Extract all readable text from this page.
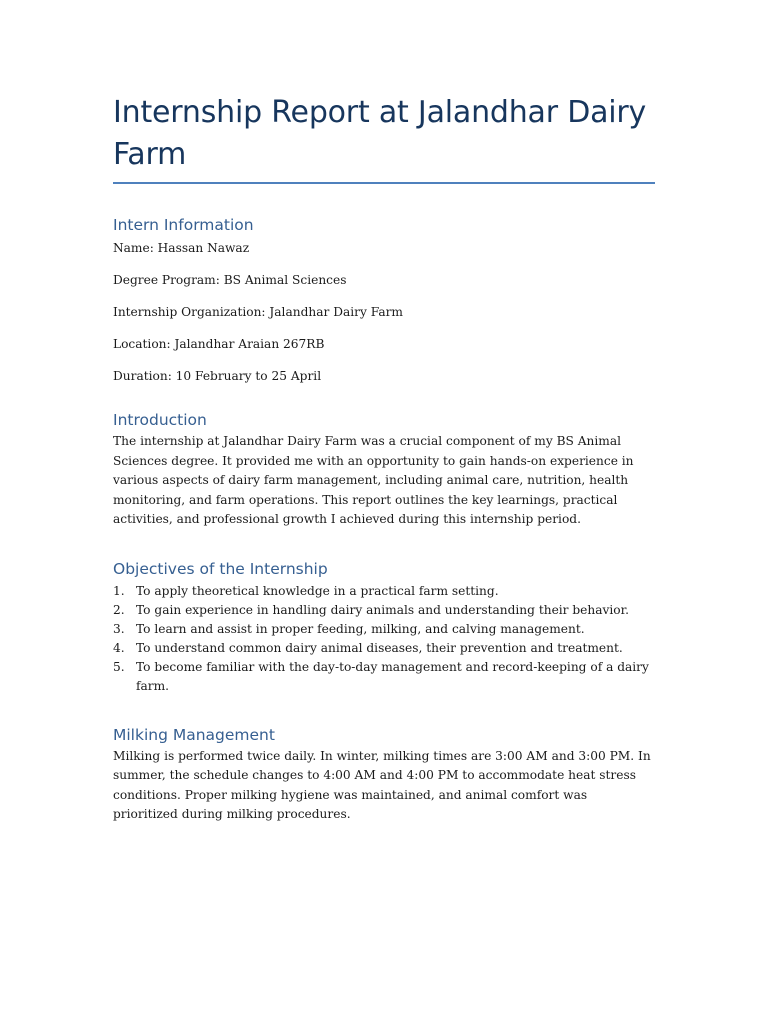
Internship Report at Jalandhar Dairy Farm
Intern Information

Name: Hassan Nawaz

Degree Program: BS Animal Sciences

Internship Organization: Jalandhar Dairy Farm

Location: Jalandhar Araian 267RB

Duration: 10 February to 25 April

Introduction

The internship at Jalandhar Dairy Farm was a crucial component of my BS Animal Sciences degree. It provided me with an opportunity to gain hands-on experience in various aspects of dairy farm management, including animal care, nutrition, health monitoring, and farm operations. This report outlines the key learnings, practical activities, and professional growth I achieved during this internship period.

Objectives of the Internship
1. To apply theoretical knowledge in a practical farm setting.
2. To gain experience in handling dairy animals and understanding their behavior.
3. To learn and assist in proper feeding, milking, and calving management.
4. To understand common dairy animal diseases, their prevention and treatment.
5. To become familiar with the day-to-day management and record-keeping of a dairy farm.
Milking Management

Milking is performed twice daily. In winter, milking times are 3:00 AM and 3:00 PM. In summer, the schedule changes to 4:00 AM and 4:00 PM to accommodate heat stress conditions. Proper milking hygiene was maintained, and animal comfort was prioritized during milking procedures.
